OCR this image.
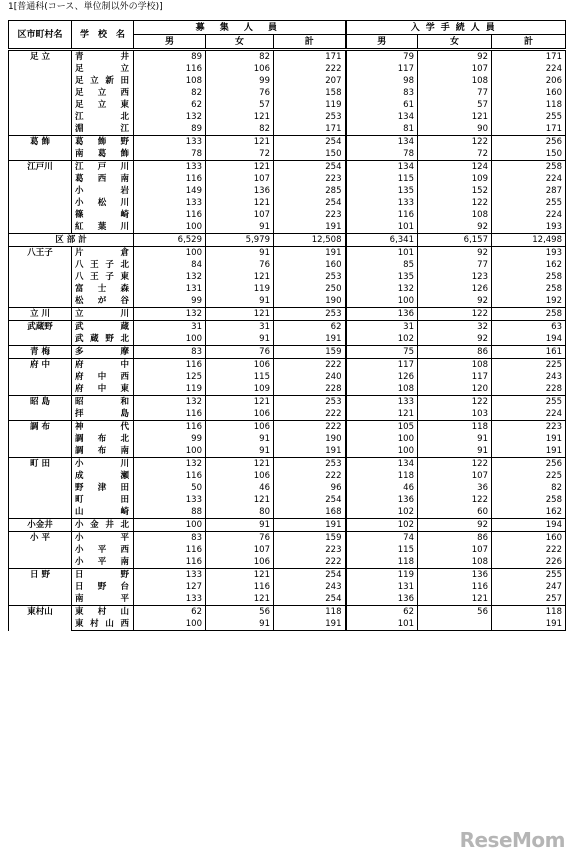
1[普通科(コース、単位制以外の学校)]
区市町村名	学　校　名	募 集 人 員			入学手続人員		
		男	女	計	男	女	計
足 立	青井	89	82	171	79	92	171
	足立	116	106	222	117	107	224
	足立新田	108	99	207	98	108	206
	足立西	82	76	158	83	77	160
	足立東	62	57	119	61	57	118
	江北	132	121	253	134	121	255
	淵江	89	82	171	81	90	171
葛 飾	葛飾野	133	121	254	134	122	256
	南葛飾	78	72	150	78	72	150
江戸川	江戸川	133	121	254	134	124	258
	葛西南	116	107	223	115	109	224
	小岩	149	136	285	135	152	287
	小松川	133	121	254	133	122	255
	篠崎	116	107	223	116	108	224
	紅葉川	100	91	191	101	92	193
区 部 計		6,529	5,979	12,508	6,341	6,157	12,498
八王子	片倉	100	91	191	101	92	193
	八王子北	84	76	160	85	77	162
	八王子東	132	121	253	135	123	258
	富士森	131	119	250	132	126	258
	松が谷	99	91	190	100	92	192
立 川	立川	132	121	253	136	122	258
武蔵野	武蔵	31	31	62	31	32	63
	武蔵野北	100	91	191	102	92	194
青 梅	多摩	83	76	159	75	86	161
府 中	府中	116	106	222	117	108	225
	府中西	125	115	240	126	117	243
	府中東	119	109	228	108	120	228
昭 島	昭和	132	121	253	133	122	255
	拝島	116	106	222	121	103	224
調 布	神代	116	106	222	105	118	223
	調布北	99	91	190	100	91	191
	調布南	100	91	191	100	91	191
町 田	小川	132	121	253	134	122	256
	成瀬	116	106	222	118	107	225
	野津田	50	46	96	46	36	82
	町田	133	121	254	136	122	258
	山崎	88	80	168	102	60	162
小金井	小金井北	100	91	191	102	92	194
小 平	小平	83	76	159	74	86	160
	小平西	116	107	223	115	107	222
	小平南	116	106	222	118	108	226
日 野	日野	133	121	254	119	136	255
	日野台	127	116	243	131	116	247
	南平	133	121	254	136	121	257
東村山	東村山	62	56	118	62	56	118
	東村山西	100	91	191	101		191
ReseMom
